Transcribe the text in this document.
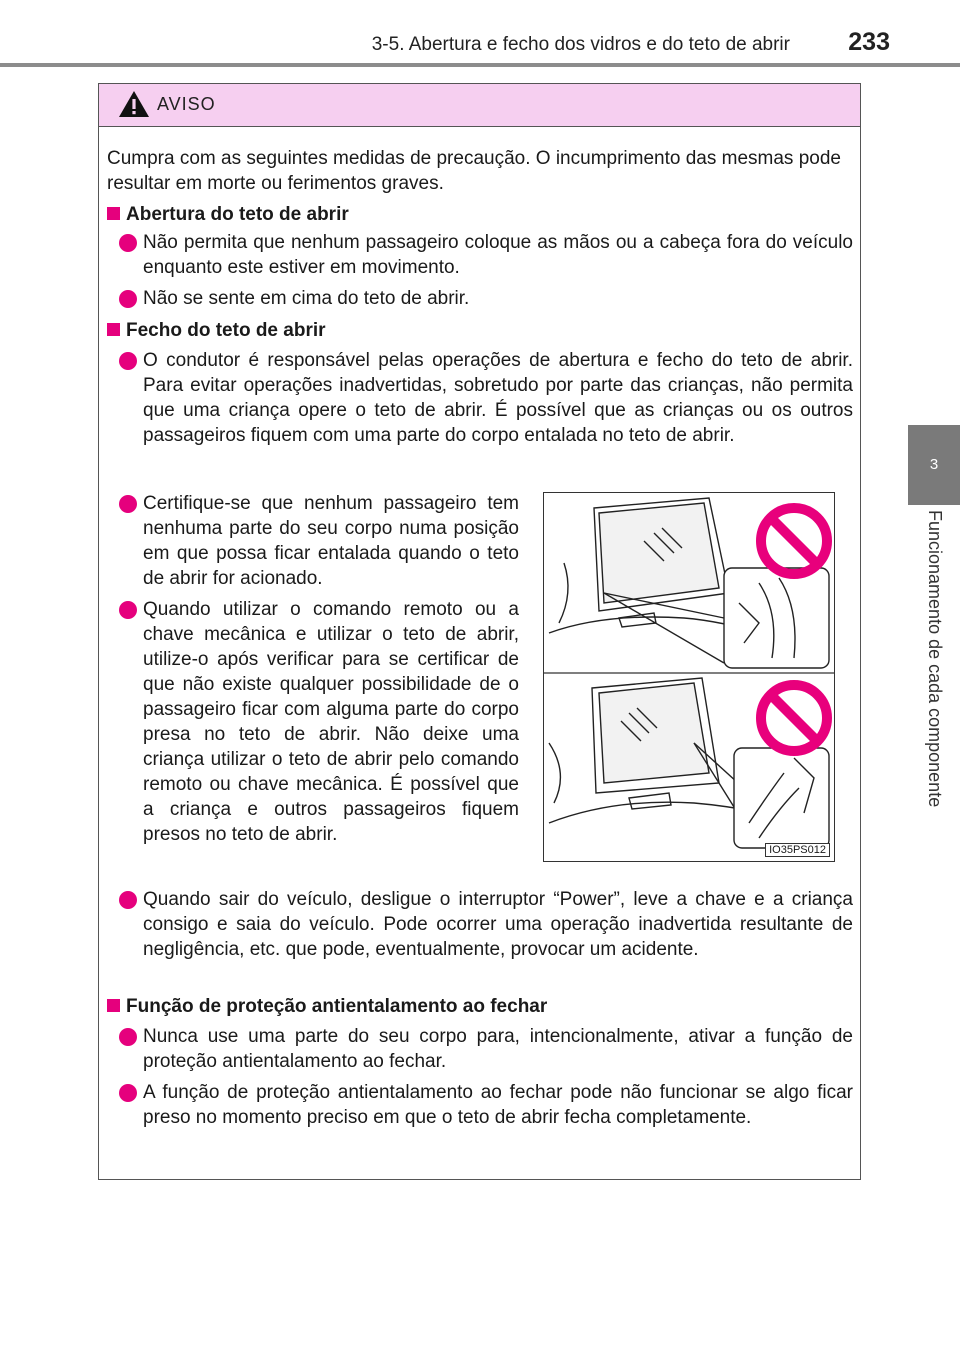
3-5. Abertura e fecho dos vidros e do teto de abrir 233
3
Funcionamento de cada componente
AVISO
Cumpra com as seguintes medidas de precaução. O incumprimento das mesmas pode resultar em morte ou ferimentos graves.
Abertura do teto de abrir
Não permita que nenhum passageiro coloque as mãos ou a cabeça fora do veículo enquanto este estiver em movimento.
Não se sente em cima do teto de abrir.
Fecho do teto de abrir
O condutor é responsável pelas operações de abertura e fecho do teto de abrir. Para evitar operações inadvertidas, sobretudo por parte das crianças, não permita que uma criança opere o teto de abrir. É possível que as crianças ou os outros passageiros fiquem com uma parte do corpo entalada no teto de abrir.
Certifique-se que nenhum passageiro tem nenhuma parte do seu corpo numa posição em que possa ficar entalada quando o teto de abrir for acionado.
Quando utilizar o comando remoto ou a chave mecânica e utilizar o teto de abrir, utilize-o após verificar para se certificar de que não existe qualquer possibilidade de o passageiro ficar com alguma parte do corpo presa no teto de abrir. Não deixe uma criança utilizar o teto de abrir pelo comando remoto ou chave mecânica. É possível que a criança e outros passageiros fiquem presos no teto de abrir.
Quando sair do veículo, desligue o interruptor “Power”, leve a chave e a criança consigo e saia do veículo. Pode ocorrer uma operação inadvertida resultante de negligência, etc. que pode, eventualmente, provocar um acidente.
Função de proteção antientalamento ao fechar
Nunca use uma parte do seu corpo para, intencionalmente, ativar a função de proteção antientalamento ao fechar.
A função de proteção antientalamento ao fechar pode não funcionar se algo ficar preso no momento preciso em que o teto de abrir fecha completamente.
IO35PS012
